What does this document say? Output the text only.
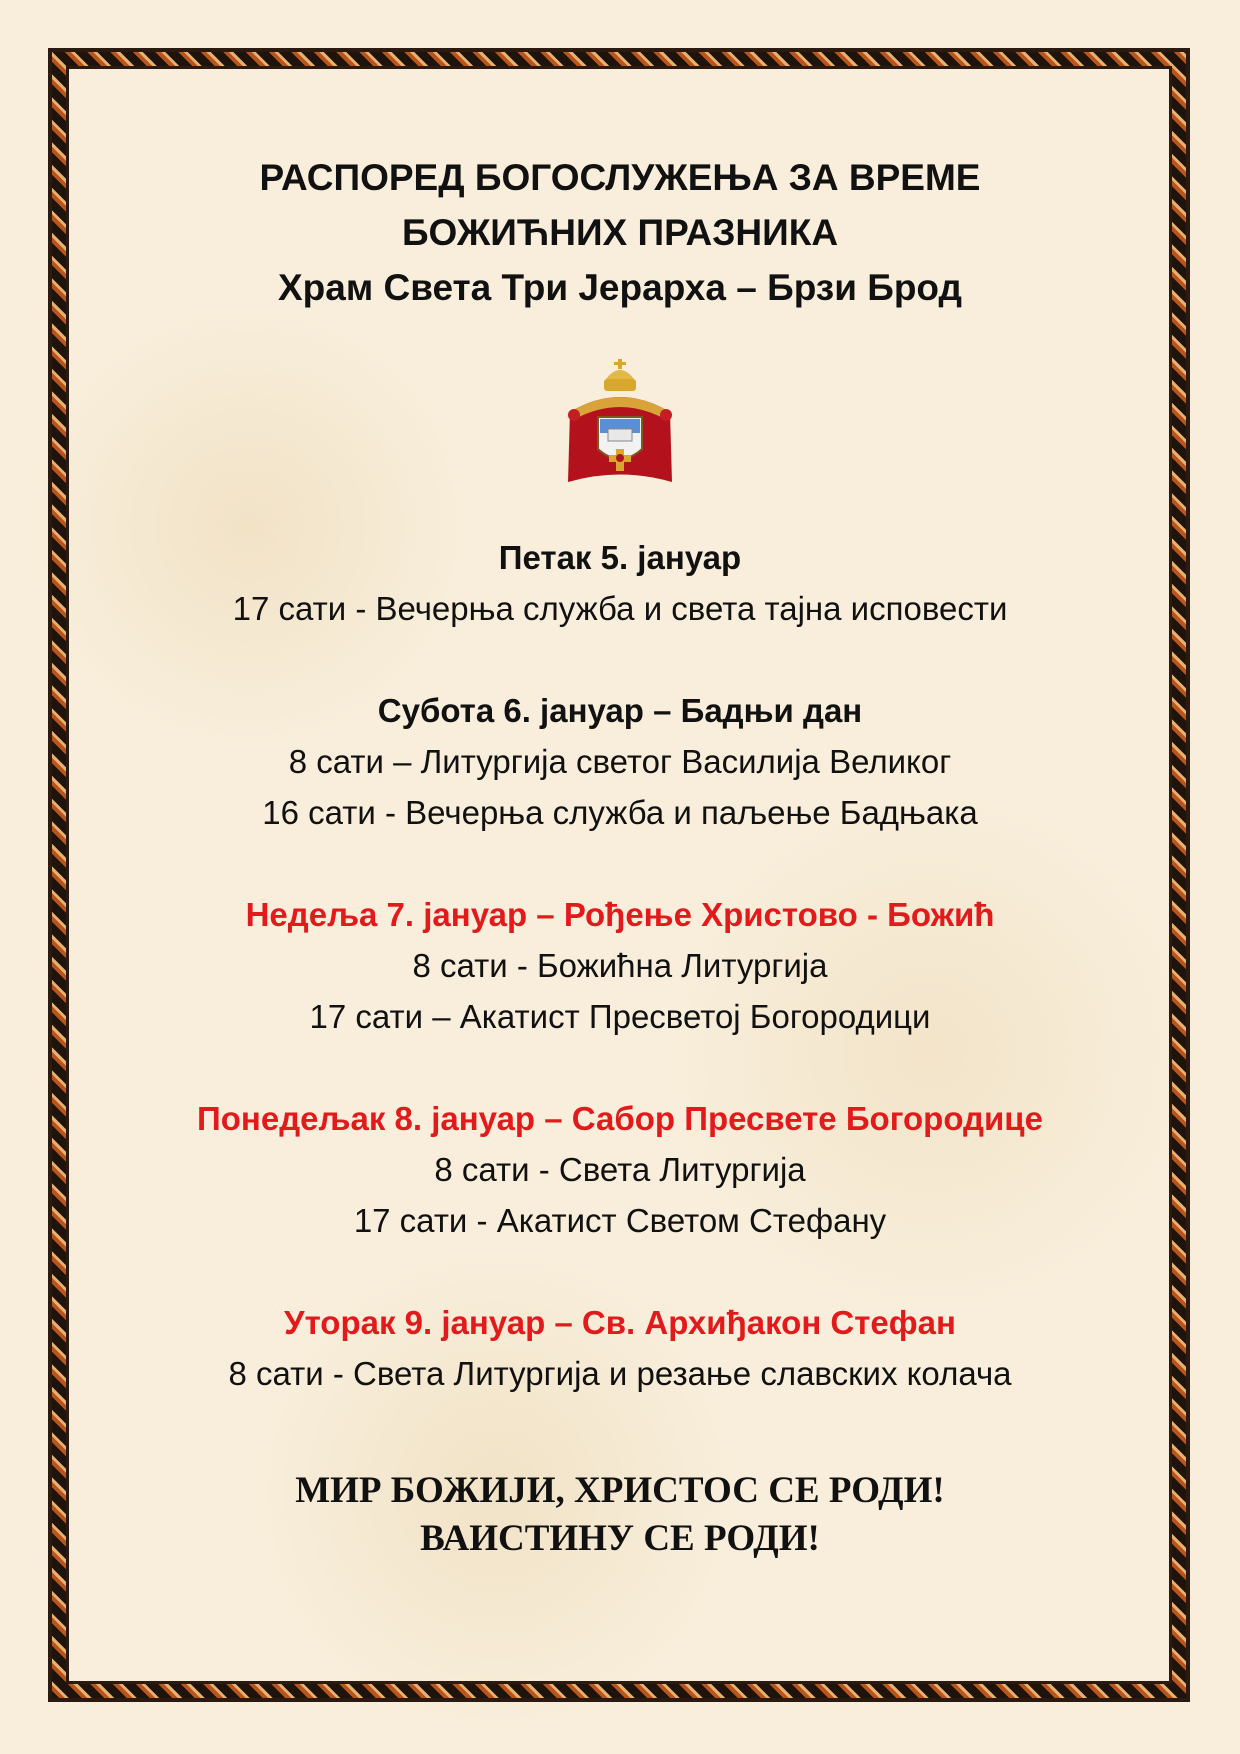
РАСПОРЕД БОГОСЛУЖЕЊА ЗА ВРЕМЕ

БОЖИЋНИХ ПРАЗНИКА

Храм Света Три Јерарха – Брзи Брод

Петак 5. јануар

17 сати - Вечерња служба и света тајна исповести

Субота 6. јануар – Бадњи дан

8 сати – Литургија светог Василија Великог

16 сати - Вечерња служба и паљење Бадњака

Недеља 7. јануар – Рођење Христово - Божић

8 сати - Божићна Литургија

17 сати – Акатист Пресветој Богородици

Понедељак 8. јануар – Сабор Пресвете Богородице

8 сати - Света Литургија

17 сати - Акатист Светом Стефану

Уторак 9. јануар – Св. Архиђакон Стефан

8 сати - Света Литургија и резање славских колача

МИР БОЖИЈИ, ХРИСТОС СЕ РОДИ!

ВАИСТИНУ СЕ РОДИ!
